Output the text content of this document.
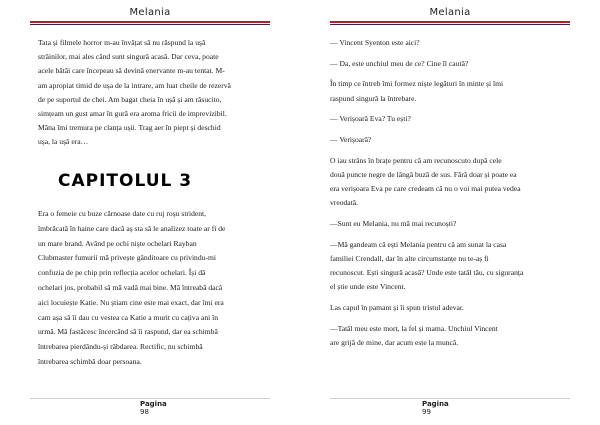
Melania
Tata și filmele horror m-au învățat să nu răspund la ușă
străinilor, mai ales când sunt singură acasă. Dar ceva, poate
acele bătăi care începeau să devină enervante m-au tentat. M-
am apropiat timid de ușa de la intrare, am luat cheile de rezervă
de pe suportul de chei. Am bagat cheia în ușă și am răsucito,
simțeam un gust amar în gură era aroma fricii de imprevizibil.
Mâna îmi tremura pe clanța ușii. Trag aer în piept și deschid
ușa, la ușă era…
CAPITOLUL 3
Era o femeie cu buze cărnoase date cu ruj roșu strident,
îmbrăcată în haine care dacă aș sta să le analizez toate ar fi de
un mare brand. Având pe ochi niște ochelari Rayban
Clubmaster fumurii mă privește gânditoare cu privindu-mi
confuzia de pe chip prin reflecția acelor ochelari. Își dă
ochelari jos, probabil să mă vadă mai bine. Mă întreabă dacă
aici locuiește Katie. Nu știam cine este mai exact, dar îmi era
cam așa să îi dau cu vestea ca Katie a murit cu cațiva ani în
urmă. Mă fastâcesc încercând să îi raspund, dar ea schimbă
întrebarea pierdându-și răbdarea. Rectific, nu schimbă
întrebarea schimbă doar persoana.
Pagina
98
Melania

— Vincent Syenton este aici?

— Da, este unchiul meu de ce? Cine îl caută?

În timp ce întreb îmi formez niște legături în minte și îmi
raspund singură la întrebare.

— Verișoară Eva? Tu ești?

— Verișoară?

O iau strâns în brațe pentru că am recunoscuto după cele
două puncte negre de lângă buză de sus. Fără doar și poate ea
era verișoara Eva pe care credeam că nu o voi mai putea vedea
vreodată.

—Sunt eu Melania, nu mă mai recunoști?

—Mă gandeam că ești Melania pentru că am sunat la casa
familiei Crendall, dar în alte circumstanțe nu te-aș fi
recunoscut. Ești singură acasă? Unde este tatăl tău, cu siguranța
el știe unde este Vincent.

Las capul în pamant și îi spun tristul adevar.

—Tatăl meu este mort, la fel și mama. Unchiul Vincent
are grijă de mine, dar acum este la muncă.

Pagina
99
